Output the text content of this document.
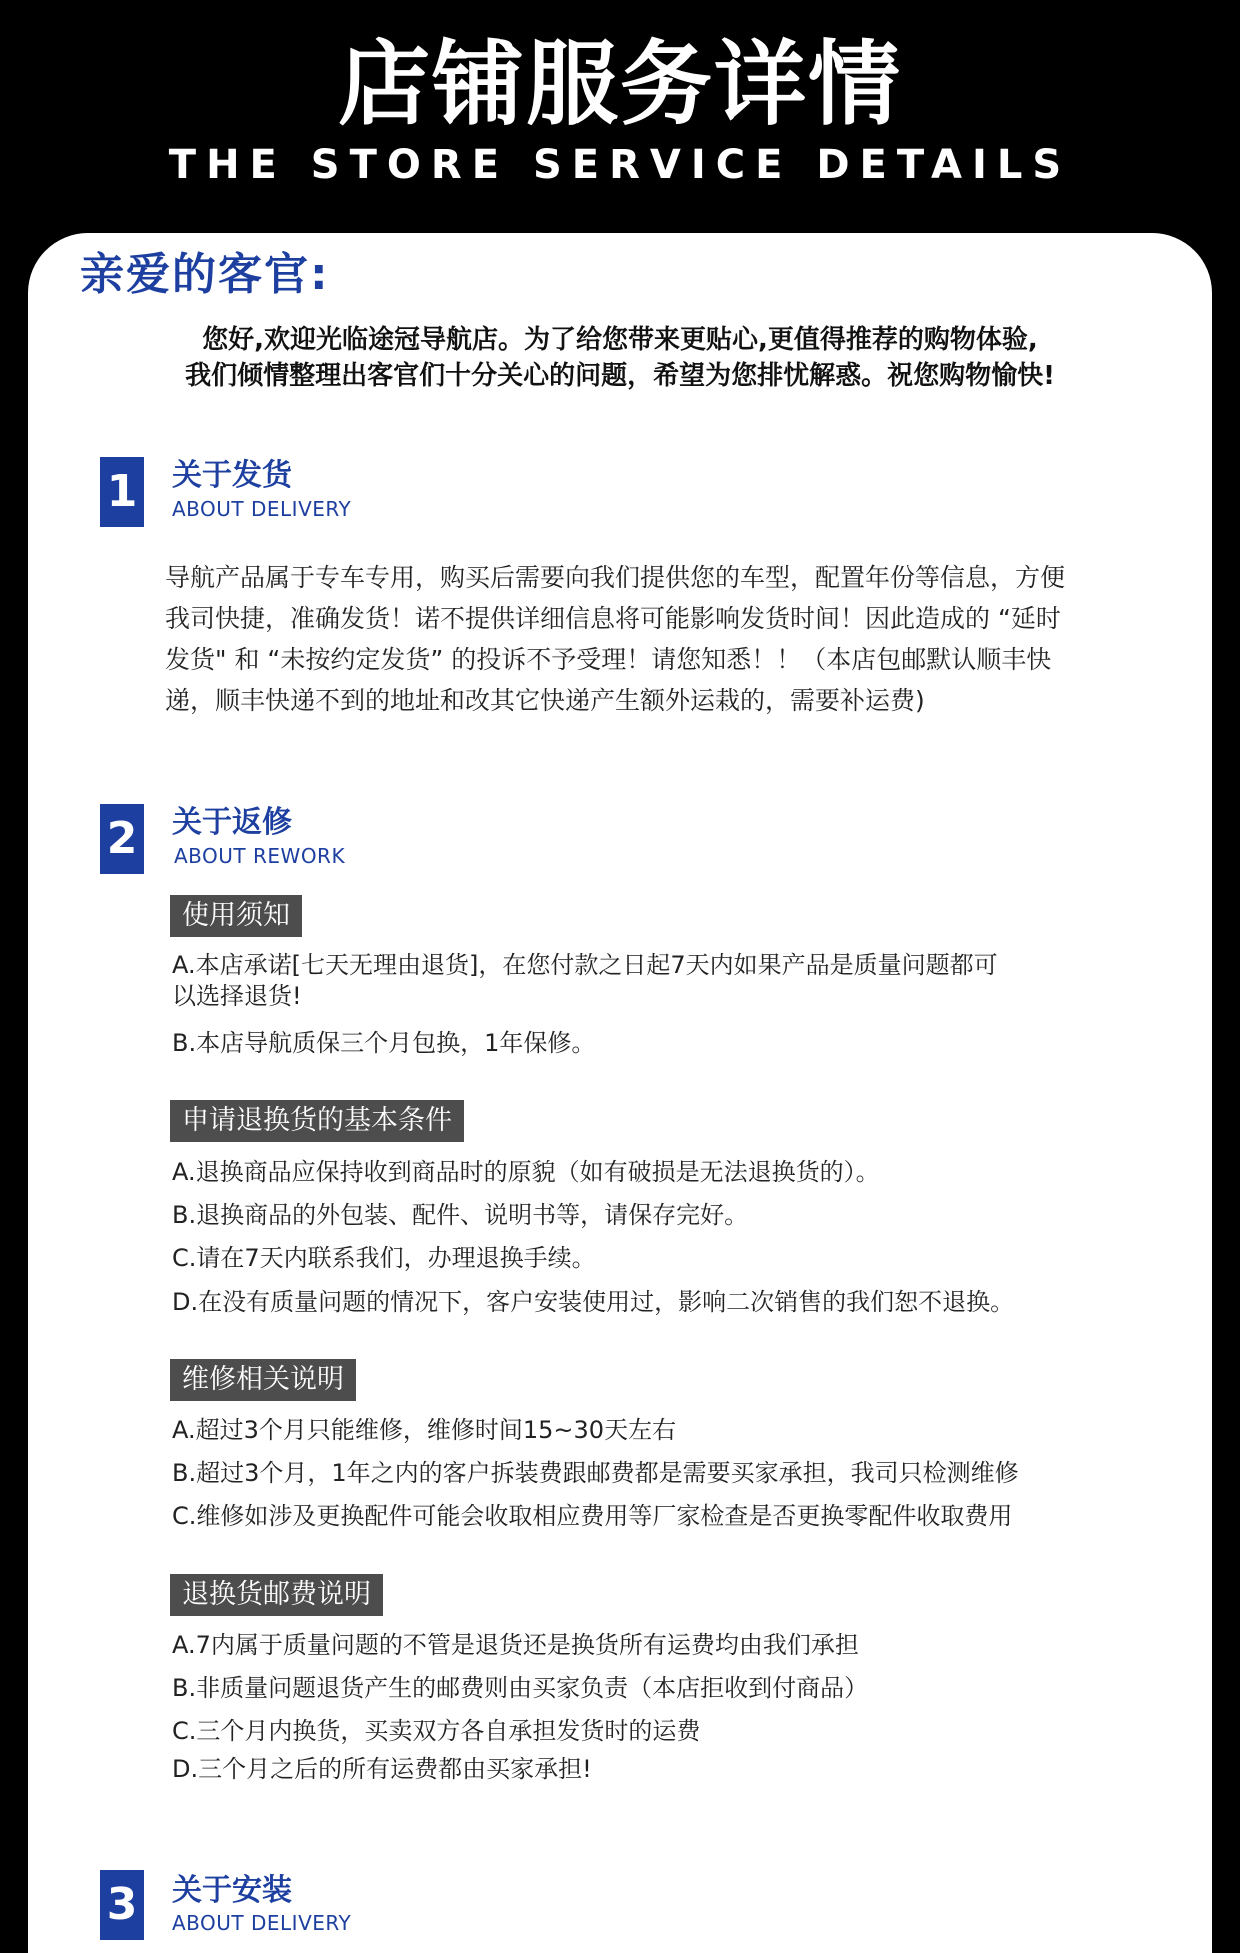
店铺服务详情
THE STORE SERVICE DETAILS
亲爱的客官:
您好,欢迎光临途冠导航店。为了给您带来更贴心,更值得推荐的购物体验,
我们倾情整理出客官们十分关心的问题，希望为您排忧解惑。祝您购物愉快!
1 关于发货
ABOUT DELIVERY
导航产品属于专车专用，购买后需要向我们提供您的车型，配置年份等信息，方便
我司快捷，准确发货！诺不提供详细信息将可能影响发货时间！因此造成的 “延时
发货" 和 “未按约定发货” 的投诉不予受理！请您知悉！！（本店包邮默认顺丰快
递，顺丰快递不到的地址和改其它快递产生额外运栽的，需要补运费)
2 关于返修
ABOUT REWORK
使用须知
A.本店承诺[七天无理由退货]，在您付款之日起7天内如果产品是质量问题都可
以选择退货!
B.本店导航质保三个月包换，1年保修。
申请退换货的基本条件
A.退换商品应保持收到商品时的原貌（如有破损是无法退换货的）。
B.退换商品的外包装、配件、说明书等，请保存完好。
C.请在7天内联系我们，办理退换手续。
D.在没有质量问题的情况下，客户安装使用过，影响二次销售的我们恕不退换。
维修相关说明
A.超过3个月只能维修，维修时间15~30天左右
B.超过3个月，1年之内的客户拆装费跟邮费都是需要买家承担，我司只检测维修
C.维修如涉及更换配件可能会收取相应费用等厂家检查是否更换零配件收取费用
退换货邮费说明
A.7内属于质量问题的不管是退货还是换货所有运费均由我们承担
B.非质量问题退货产生的邮费则由买家负责（本店拒收到付商品）
C.三个月内换货，买卖双方各自承担发货时的运费
D.三个月之后的所有运费都由买家承担!
3 关于安装
ABOUT DELIVERY
